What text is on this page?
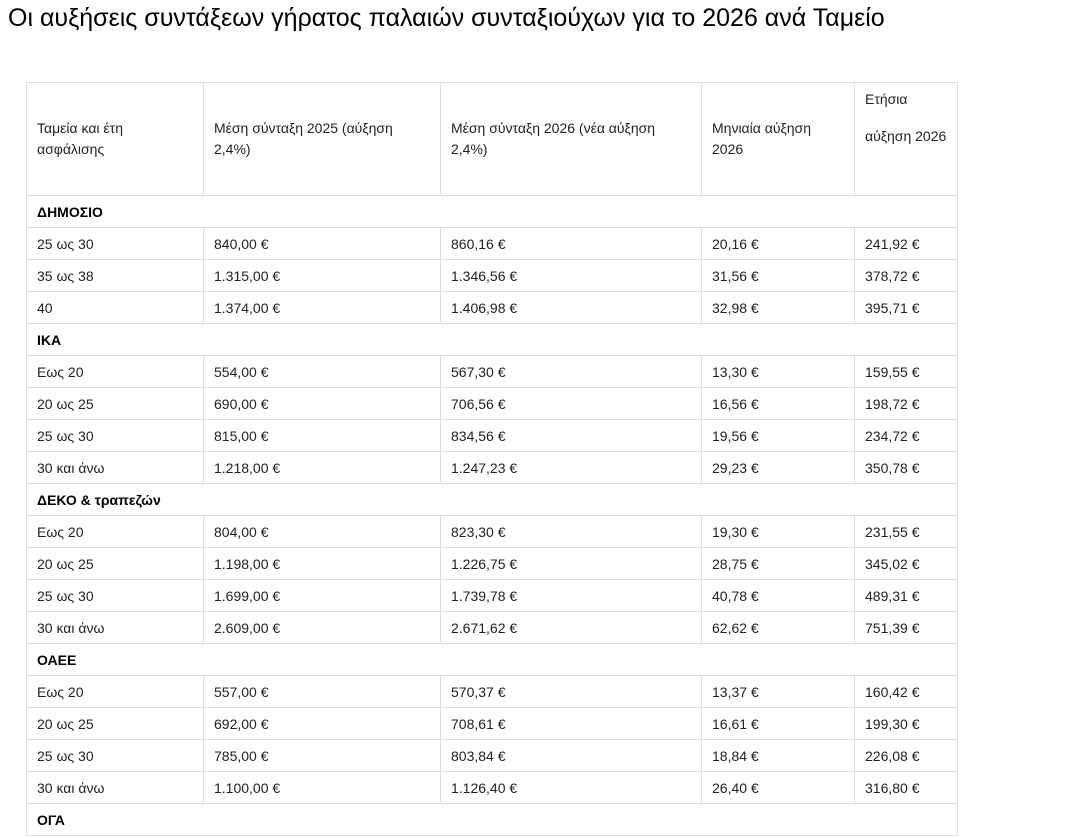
Οι αυξήσεις συντάξεων γήρατος παλαιών συνταξιούχων για το 2026 ανά Ταμείο
Ταμεία και έτη ασφάλισης	Μέση σύνταξη 2025 (αύξηση 2,4%)	Μέση σύνταξη 2026 (νέα αύξηση 2,4%)	Μηνιαία αύξηση 2026	Ετήσια
αύξηση 2026
ΔΗΜΟΣΙΟ				
25 ως 30	840,00 €	860,16 €	20,16 €	241,92 €
35 ως 38	1.315,00 €	1.346,56 €	31,56 €	378,72 €
40	1.374,00 €	1.406,98 €	32,98 €	395,71 €
ΙΚΑ				
Εως 20	554,00 €	567,30 €	13,30 €	159,55 €
20 ως 25	690,00 €	706,56 €	16,56 €	198,72 €
25 ως 30	815,00 €	834,56 €	19,56 €	234,72 €
30 και άνω	1.218,00 €	1.247,23 €	29,23 €	350,78 €
ΔΕΚΟ & τραπεζών				
Εως 20	804,00 €	823,30 €	19,30 €	231,55 €
20 ως 25	1.198,00 €	1.226,75 €	28,75 €	345,02 €
25 ως 30	1.699,00 €	1.739,78 €	40,78 €	489,31 €
30 και άνω	2.609,00 €	2.671,62 €	62,62 €	751,39 €
ΟΑΕΕ				
Εως 20	557,00 €	570,37 €	13,37 €	160,42 €
20 ως 25	692,00 €	708,61 €	16,61 €	199,30 €
25 ως 30	785,00 €	803,84 €	18,84 €	226,08 €
30 και άνω	1.100,00 €	1.126,40 €	26,40 €	316,80 €
ΟΓΑ				
